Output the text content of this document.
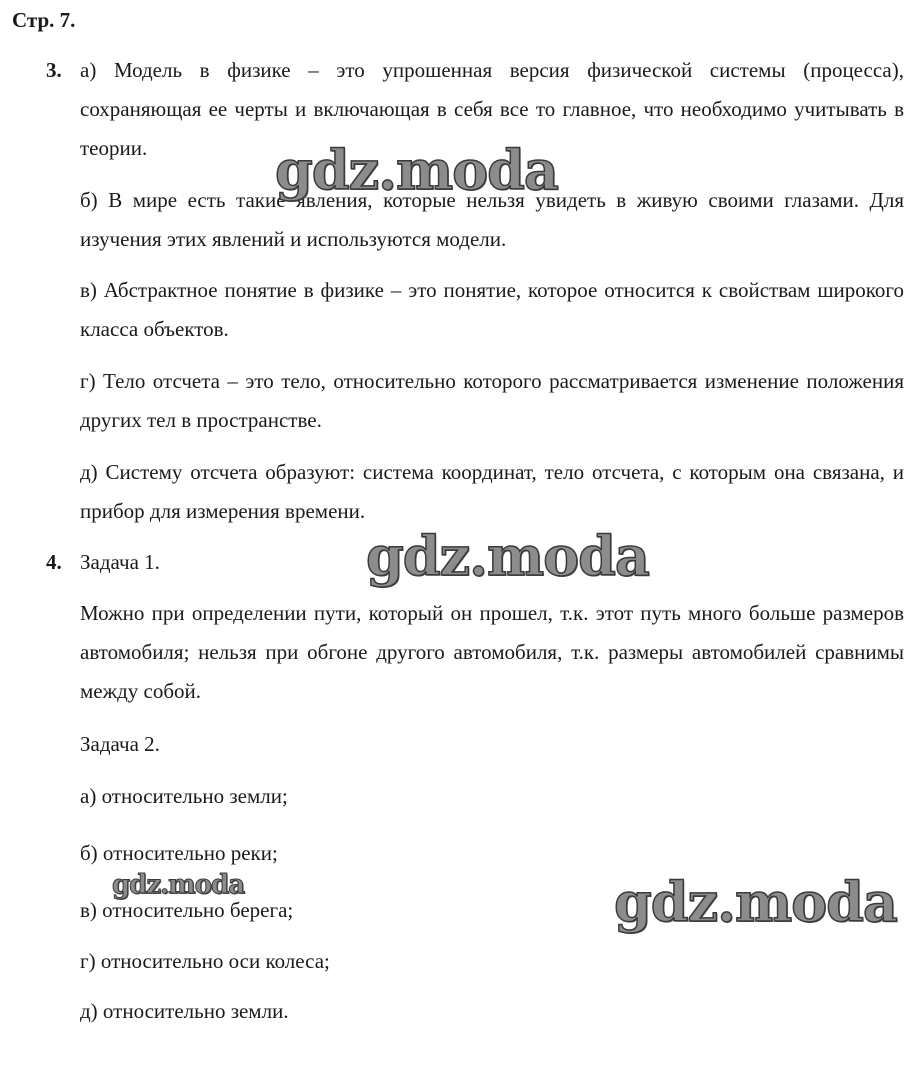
Стр. 7.
3. а) Модель в физике – это упрошенная версия физической системы (процесса), сохраняющая ее черты и включающая в себя все то главное, что необходимо учитывать в теории.
б) В мире есть такие явления, которые нельзя увидеть в живую своими глазами. Для изучения этих явлений и используются модели.
в) Абстрактное понятие в физике – это понятие, которое относится к свойствам широкого класса объектов.
г) Тело отсчета – это тело, относительно которого рассматривается изменение положения других тел в пространстве.
д) Систему отсчета образуют: система координат, тело отсчета, с которым она связана, и прибор для измерения времени.
4. Задача 1.
Можно при определении пути, который он прошел, т.к. этот путь много больше размеров автомобиля; нельзя при обгоне другого автомобиля, т.к. размеры автомобилей сравнимы между собой.
Задача 2.
а) относительно земли;
б) относительно реки;
в) относительно берега;
г) относительно оси колеса;
д) относительно земли.
gdz.moda
gdz.moda
gdz.moda	gdz.moda
